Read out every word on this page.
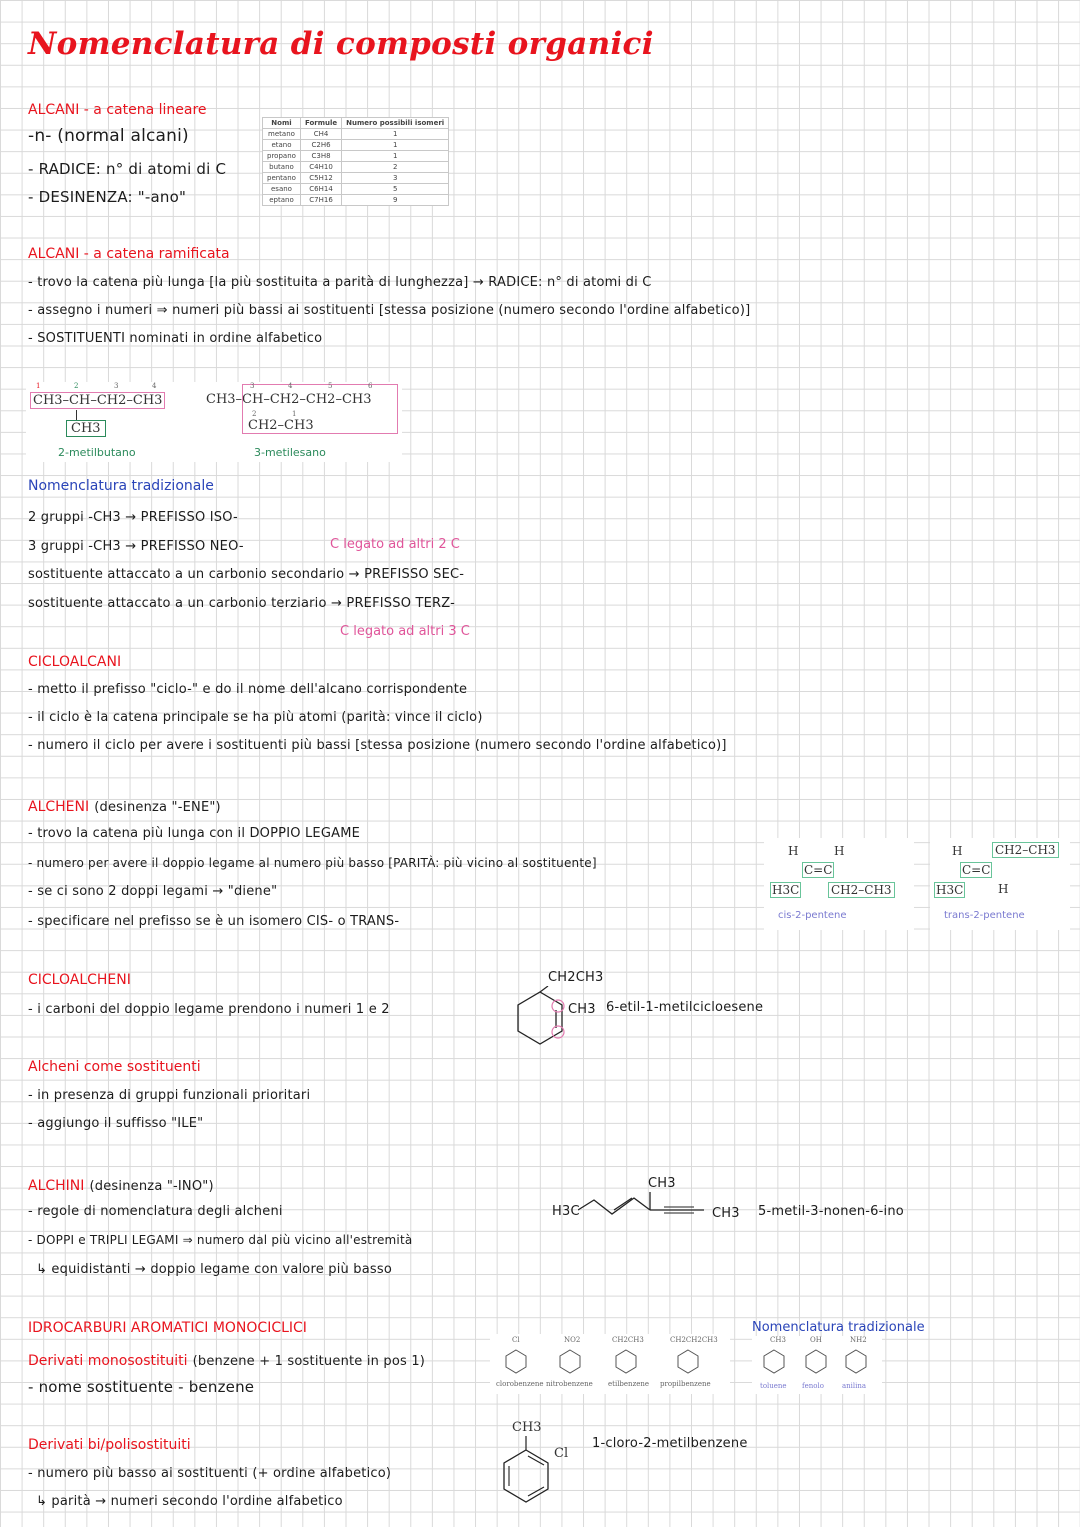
Nomenclatura di composti organici
ALCANI - a catena lineare
-n- (normal alcani)
- RADICE: n° di atomi di C
- DESINENZA: "-ano"
Nomi	Formule	Numero possibili isomeri
metano	CH4	1
etano	C2H6	1
propano	C3H8	1
butano	C4H10	2
pentano	C5H12	3
esano	C6H14	5
eptano	C7H16	9
ALCANI - a catena ramificata
- trovo la catena più lunga [la più sostituita a parità di lunghezza] → RADICE: n° di atomi di C
- assegno i numeri ⇒ numeri più bassi ai sostituenti [stessa posizione (numero secondo l'ordine alfabetico)]
- SOSTITUENTI nominati in ordine alfabetico
CH3–CH–CH2–CH3
1	2	3	4
CH3
2-metilbutano
CH3–CH–CH2–CH2–CH3
3	4	5	6
2	1
CH2–CH3
3-metilesano
Nomenclatura tradizionale
2 gruppi -CH3 → PREFISSO ISO-
3 gruppi -CH3 → PREFISSO NEO-	C legato ad altri 2 C
sostituente attaccato a un carbonio secondario → PREFISSO SEC-
sostituente attaccato a un carbonio terziario → PREFISSO TERZ-
C legato ad altri 3 C
CICLOALCANI
- metto il prefisso "ciclo-" e do il nome dell'alcano corrispondente
- il ciclo è la catena principale se ha più atomi (parità: vince il ciclo)
- numero il ciclo per avere i sostituenti più bassi [stessa posizione (numero secondo l'ordine alfabetico)]
ALCHENI (desinenza "-ENE")
- trovo la catena più lunga con il DOPPIO LEGAME
- numero per avere il doppio legame al numero più basso [PARITÀ: più vicino al sostituente]
- se ci sono 2 doppi legami → "diene"
- specificare nel prefisso se è un isomero CIS- o TRANS-
H	H
C=C
H3C	CH2–CH3
cis-2-pentene
H	CH2–CH3
C=C
H3C	H
trans-2-pentene
CICLOALCHENI
- i carboni del doppio legame prendono i numeri 1 e 2
CH2CH3
CH3 6-etil-1-metilcicloesene
Alcheni come sostituenti
- in presenza di gruppi funzionali prioritari
- aggiungo il suffisso "ILE"
ALCHINI (desinenza "-INO")
- regole di nomenclatura degli alcheni
- DOPPI e TRIPLI LEGAMI ⇒ numero dal più vicino all'estremità
↳ equidistanti → doppio legame con valore più basso
H3C
CH3
CH3 5-metil-3-nonen-6-ino
IDROCARBURI AROMATICI MONOCICLICI
Derivati monosostituiti (benzene + 1 sostituente in pos 1)
- nome sostituente - benzene
Cl
clorobenzene
NO2
nitrobenzene
CH2CH3
etilbenzene
CH2CH2CH3
propilbenzene
Nomenclatura tradizionale
CH3
toluene
OH
fenolo
NH2
anilina
Derivati bi/polisostituiti
- numero più basso ai sostituenti (+ ordine alfabetico)
↳ parità → numeri secondo l'ordine alfabetico
CH3
Cl
1-cloro-2-metilbenzene
